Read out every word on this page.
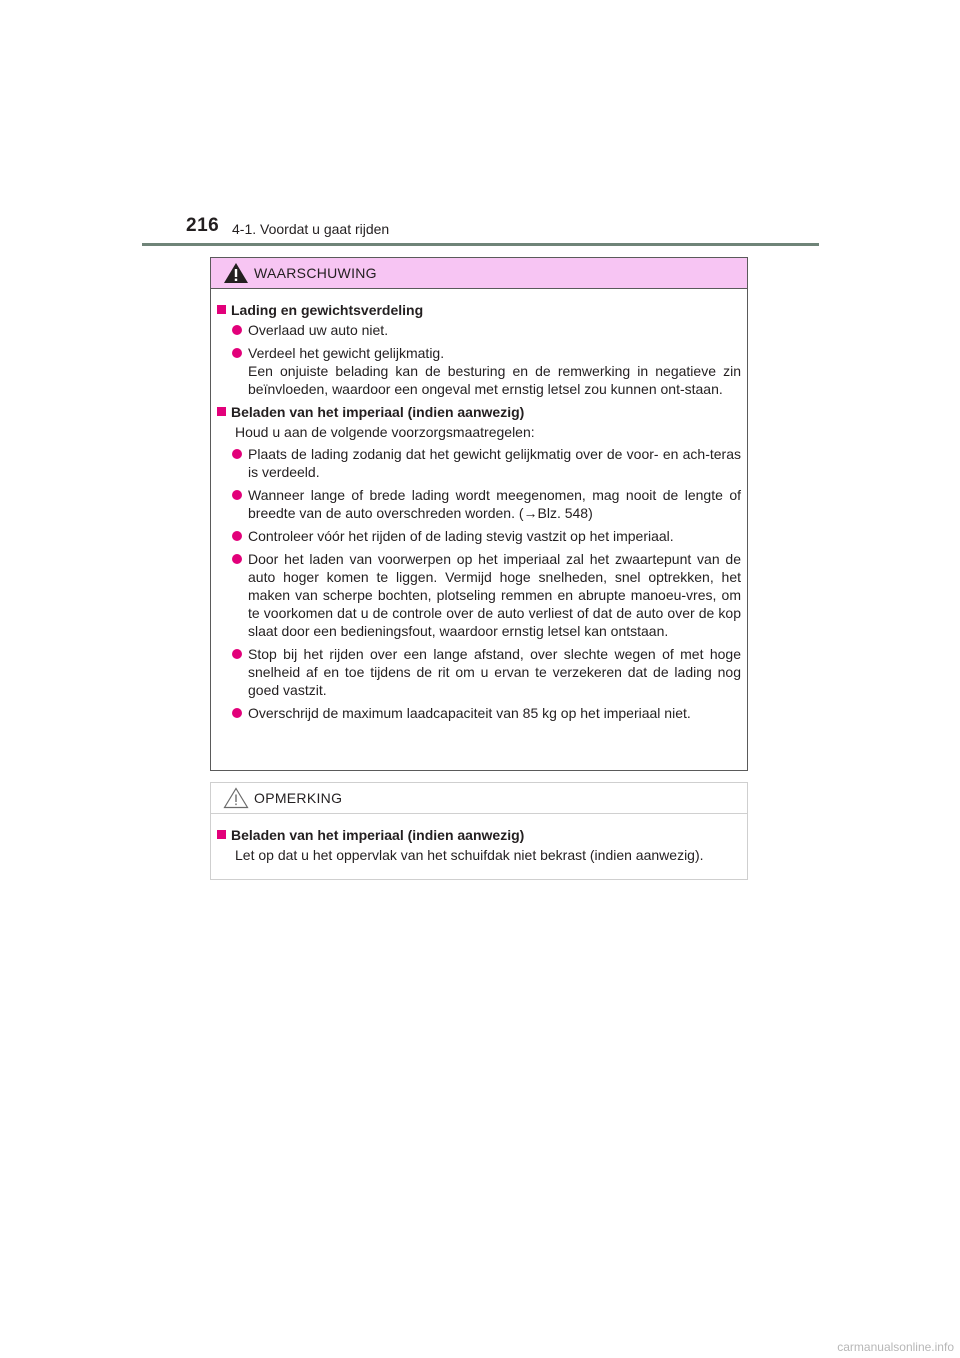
216 4-1. Voordat u gaat rijden
WAARSCHUWING
Lading en gewichtsverdeling
Overlaad uw auto niet.
Verdeel het gewicht gelijkmatig.
Een onjuiste belading kan de besturing en de remwerking in negatieve zin beïnvloeden, waardoor een ongeval met ernstig letsel zou kunnen ont-staan.
Beladen van het imperiaal (indien aanwezig)
Houd u aan de volgende voorzorgsmaatregelen:
Plaats de lading zodanig dat het gewicht gelijkmatig over de voor- en ach-teras is verdeeld.
Wanneer lange of brede lading wordt meegenomen, mag nooit de lengte of breedte van de auto overschreden worden. (→Blz. 548)
Controleer vóór het rijden of de lading stevig vastzit op het imperiaal.
Door het laden van voorwerpen op het imperiaal zal het zwaartepunt van de auto hoger komen te liggen. Vermijd hoge snelheden, snel optrekken, het maken van scherpe bochten, plotseling remmen en abrupte manoeu-vres, om te voorkomen dat u de controle over de auto verliest of dat de auto over de kop slaat door een bedieningsfout, waardoor ernstig letsel kan ontstaan.
Stop bij het rijden over een lange afstand, over slechte wegen of met hoge snelheid af en toe tijdens de rit om u ervan te verzekeren dat de lading nog goed vastzit.
Overschrijd de maximum laadcapaciteit van 85 kg op het imperiaal niet.
OPMERKING
Beladen van het imperiaal (indien aanwezig)
Let op dat u het oppervlak van het schuifdak niet bekrast (indien aanwezig).
carmanualsonline.info
